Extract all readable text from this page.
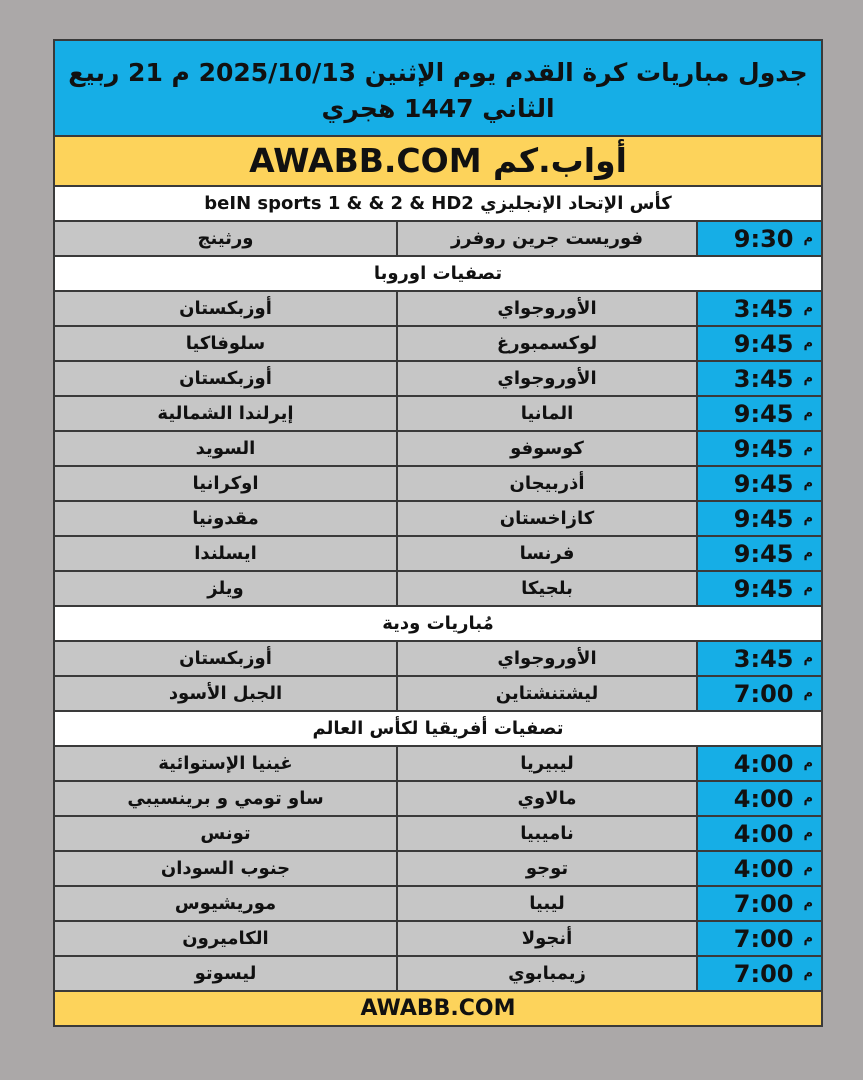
جدول مباريات كرة القدم يوم الإثنين 2025/10/13 م 21 ربيع
الثاني 1447 هجري
أواب.كم AWABB.COM
كأس الإتحاد الإنجليزي beIN sports 1 & & 2 & HD2
م
9:30
فوريست جرين روفرز
ورثينج
تصفيات اوروبا
م
3:45
الأوروجواي
أوزبكستان
م
9:45
لوكسمبورغ
سلوفاكيا
م
3:45
الأوروجواي
أوزبكستان
م
9:45
المانيا
إيرلندا الشمالية
م
9:45
كوسوفو
السويد
م
9:45
أذربيجان
اوكرانيا
م
9:45
كازاخستان
مقدونيا
م
9:45
فرنسا
ايسلندا
م
9:45
بلجيكا
ويلز
مُباريات ودية
م
3:45
الأوروجواي
أوزبكستان
م
7:00
ليشتنشتاين
الجبل الأسود
تصفيات أفريقيا لكأس العالم
م
4:00
ليبيريا
غينيا الإستوائية
م
4:00
مالاوي
ساو تومي و برينسيبي
م
4:00
ناميبيا
تونس
م
4:00
توجو
جنوب السودان
م
7:00
ليبيا
موريشيوس
م
7:00
أنجولا
الكاميرون
م
7:00
زيمبابوي
ليسوتو
AWABB.COM
